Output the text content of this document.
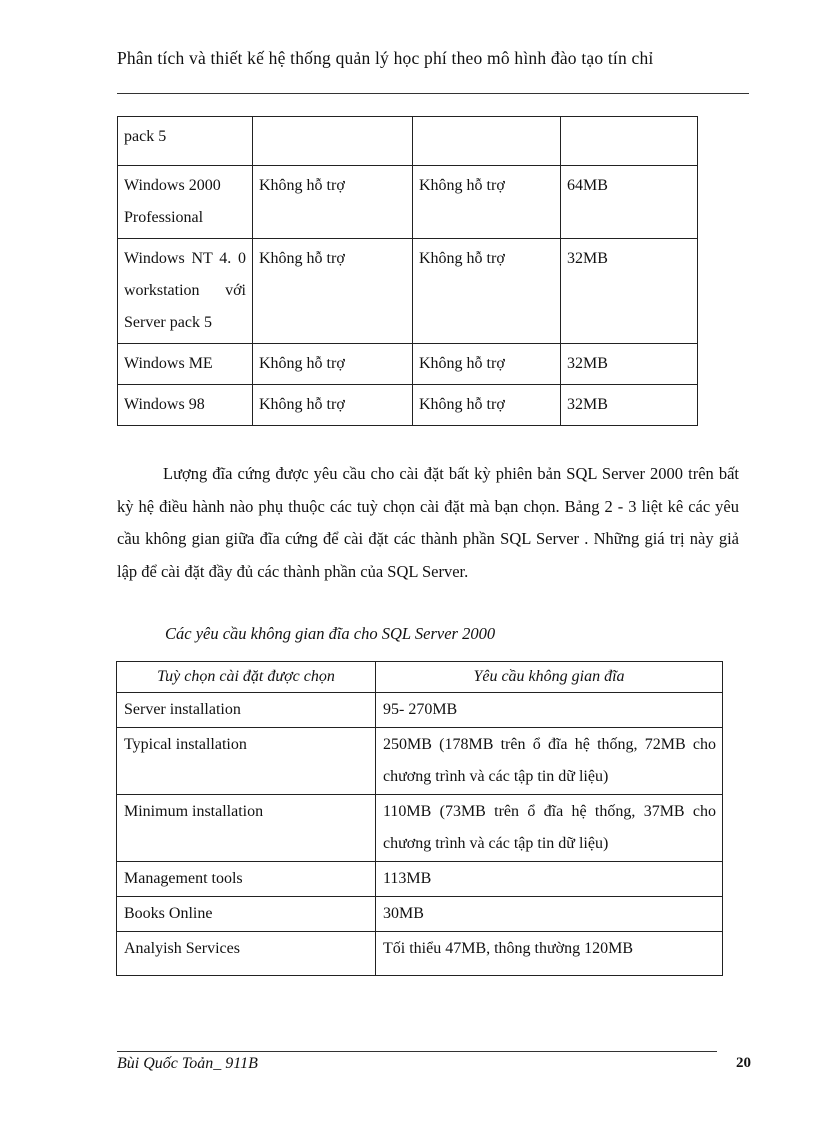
Phân tích và thiết kế hệ thống quản lý học phí theo mô hình đào tạo tín chỉ
pack 5			
Windows 2000 Professional	Không hỗ trợ	Không hỗ trợ	64MB
Windows NT 4. 0 workstation với Server pack 5	Không hỗ trợ	Không hỗ trợ	32MB
Windows ME	Không hỗ trợ	Không hỗ trợ	32MB
Windows 98	Không hỗ trợ	Không hỗ trợ	32MB
Lượng đĩa cứng được yêu cầu cho cài đặt bất kỳ phiên bản SQL Server 2000 trên bất kỳ hệ điều hành nào phụ thuộc các tuỳ chọn cài đặt mà bạn chọn. Bảng 2 - 3 liệt kê các yêu cầu không gian giữa đĩa cứng để cài đặt các thành phần SQL Server . Những giá trị này giả lập để cài đặt đầy đủ các thành phần của SQL Server.
Các yêu cầu không gian đĩa cho SQL Server 2000
Tuỳ chọn cài đặt được chọn	Yêu cầu không gian đĩa
Server installation	95- 270MB
Typical installation	250MB (178MB trên ổ đĩa hệ thống, 72MB cho chương trình và các tập tin dữ liệu)
Minimum installation	110MB (73MB trên ổ đĩa hệ thống, 37MB cho chương trình và các tập tin dữ liệu)
Management tools	113MB
Books Online	30MB
Analyish Services	Tối thiểu 47MB, thông thường 120MB
Bùi Quốc Toản_ 911B	20
